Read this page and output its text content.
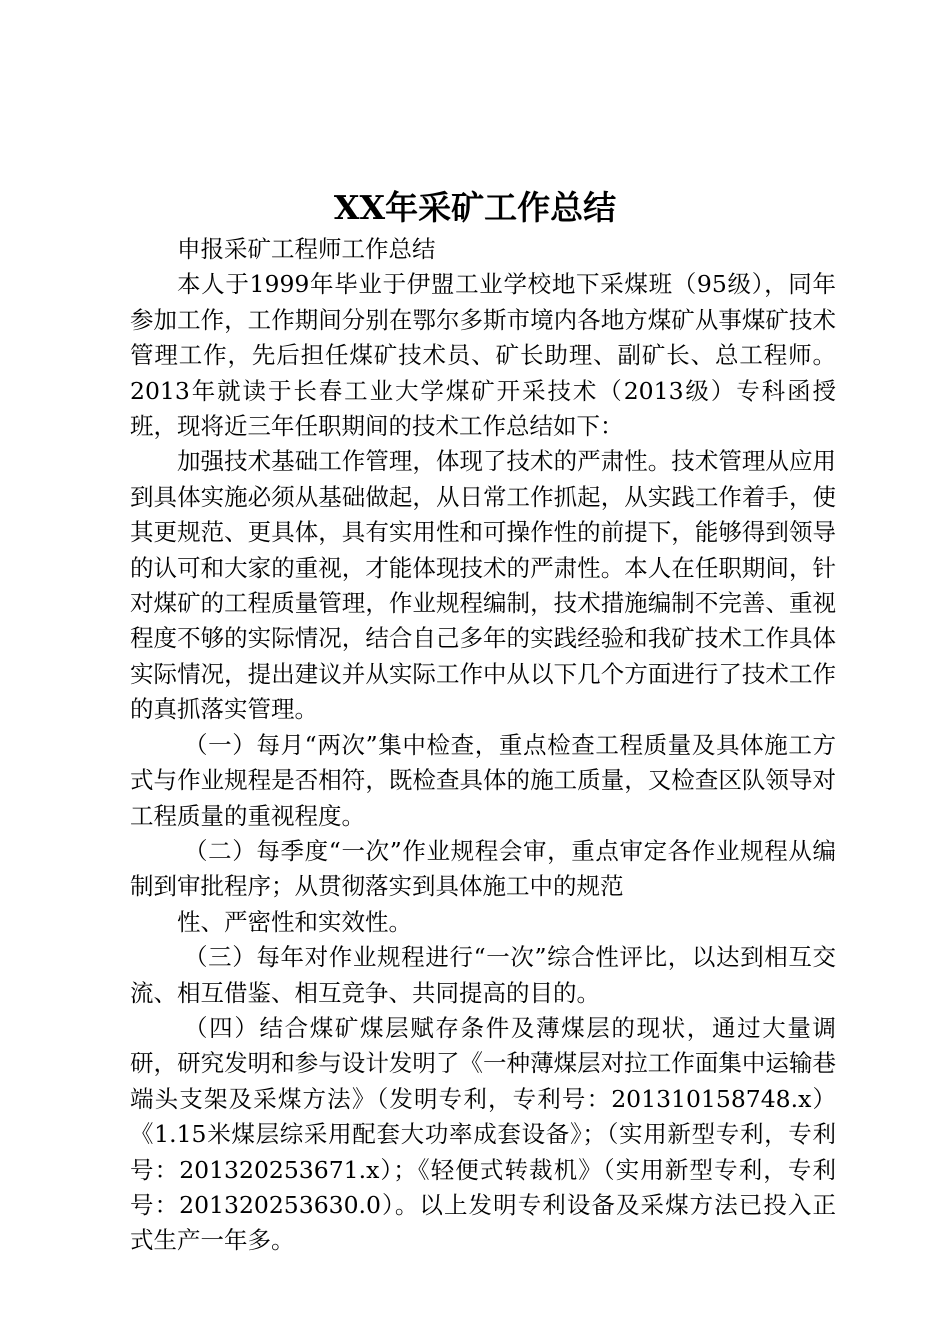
XX年采矿工作总结

申报采矿工程师工作总结

本人于1999年毕业于伊盟工业学校地下采煤班（95级），同年参加工作，工作期间分别在鄂尔多斯市境内各地方煤矿从事煤矿技术管理工作，先后担任煤矿技术员、矿长助理、副矿长、总工程师。2013年就读于长春工业大学煤矿开采技术（2013级）专科函授班，现将近三年任职期间的技术工作总结如下：

加强技术基础工作管理，体现了技术的严肃性。技术管理从应用到具体实施必须从基础做起，从日常工作抓起，从实践工作着手，使其更规范、更具体，具有实用性和可操作性的前提下，能够得到领导的认可和大家的重视，才能体现技术的严肃性。本人在任职期间，针对煤矿的工程质量管理，作业规程编制，技术措施编制不完善、重视程度不够的实际情况，结合自己多年的实践经验和我矿技术工作具体实际情况，提出建议并从实际工作中从以下几个方面进行了技术工作的真抓落实管理。

（一）每月“两次”集中检查，重点检查工程质量及具体施工方式与作业规程是否相符，既检查具体的施工质量，又检查区队领导对工程质量的重视程度。

（二）每季度“一次”作业规程会审，重点审定各作业规程从编制到审批程序；从贯彻落实到具体施工中的规范

性、严密性和实效性。

（三）每年对作业规程进行“一次”综合性评比，以达到相互交流、相互借鉴、相互竞争、共同提高的目的。

（四）结合煤矿煤层赋存条件及薄煤层的现状，通过大量调研，研究发明和参与设计发明了《一种薄煤层对拉工作面集中运输巷端头支架及采煤方法》（发明专利，专利号：201310158748.x）《1.15米煤层综采用配套大功率成套设备》；（实用新型专利，专利号：201320253671.x）；《轻便式转裁机》（实用新型专利，专利号：201320253630.0）。以上发明专利设备及采煤方法已投入正式生产一年多。
